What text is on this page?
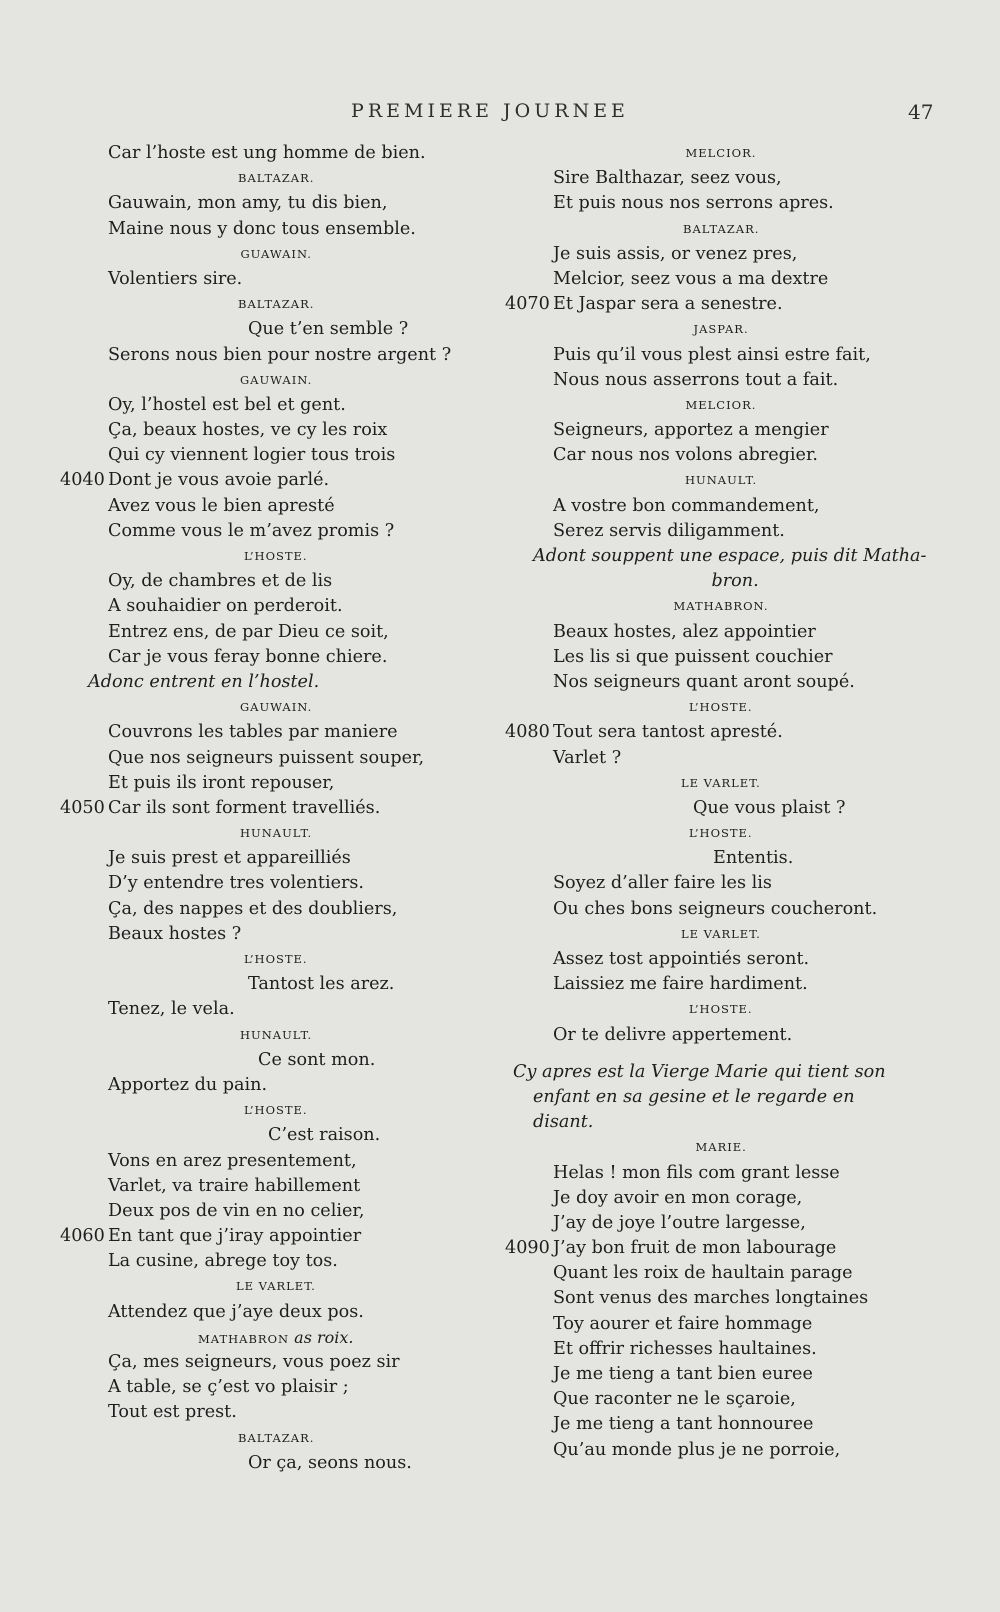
PREMIERE JOURNEE	47
Car l’hoste est ung homme de bien.
BALTAZAR.
Gauwain, mon amy, tu dis bien,
Maine nous y donc tous ensemble.
GUAWAIN.
Volentiers sire.
BALTAZAR.
Que t’en semble ?
Serons nous bien pour nostre argent ?
GAUWAIN.
Oy, l’hostel est bel et gent.
Ça, beaux hostes, ve cy les roix
Qui cy viennent logier tous trois
4040 Dont je vous avoie parlé.
Avez vous le bien apresté
Comme vous le m’avez promis ?
L’HOSTE.
Oy, de chambres et de lis
A souhaidier on perderoit.
Entrez ens, de par Dieu ce soit,
Car je vous feray bonne chiere.
Adonc entrent en l’hostel.
GAUWAIN.
Couvrons les tables par maniere
Que nos seigneurs puissent souper,
Et puis ils iront repouser,
4050 Car ils sont forment travelliés.
HUNAULT.
Je suis prest et appareilliés
D’y entendre tres volentiers.
Ça, des nappes et des doubliers,
Beaux hostes ?
L’HOSTE.
Tantost les arez.
Tenez, le vela.
HUNAULT.
Ce sont mon.
Apportez du pain.
L’HOSTE.
C’est raison.
Vons en arez presentement,
Varlet, va traire habillement
Deux pos de vin en no celier,
4060 En tant que j’iray appointier
La cusine, abrege toy tos.
LE VARLET.
Attendez que j’aye deux pos.
MATHABRON as roix.
Ça, mes seigneurs, vous poez sir
A table, se ç’est vo plaisir ;
Tout est prest.
BALTAZAR.
Or ça, seons nous.
MELCIOR.
Sire Balthazar, seez vous,
Et puis nous nos serrons apres.
BALTAZAR.
Je suis assis, or venez pres,
Melcior, seez vous a ma dextre
4070 Et Jaspar sera a senestre.
JASPAR.
Puis qu’il vous plest ainsi estre fait,
Nous nous asserrons tout a fait.
MELCIOR.
Seigneurs, apportez a mengier
Car nous nos volons abregier.
HUNAULT.
A vostre bon commandement,
Serez servis diligamment.
Adont souppent une espace, puis dit Matha-
bron.
MATHABRON.
Beaux hostes, alez appointier
Les lis si que puissent couchier
Nos seigneurs quant aront soupé.
L’HOSTE.
4080 Tout sera tantost apresté.
Varlet ?
LE VARLET.
Que vous plaist ?
L’HOSTE.
Ententis.
Soyez d’aller faire les lis
Ou ches bons seigneurs coucheront.
LE VARLET.
Assez tost appointiés seront.
Laissiez me faire hardiment.
L’HOSTE.
Or te delivre appertement.
Cy apres est la Vierge Marie qui tient son
enfant en sa gesine et le regarde en
disant.
MARIE.
Helas ! mon fils com grant lesse
Je doy avoir en mon corage,
J’ay de joye l’outre largesse,
4090 J’ay bon fruit de mon labourage
Quant les roix de haultain parage
Sont venus des marches longtaines
Toy aourer et faire hommage
Et offrir richesses haultaines.
Je me tieng a tant bien euree
Que raconter ne le sçaroie,
Je me tieng a tant honnouree
Qu’au monde plus je ne porroie,
